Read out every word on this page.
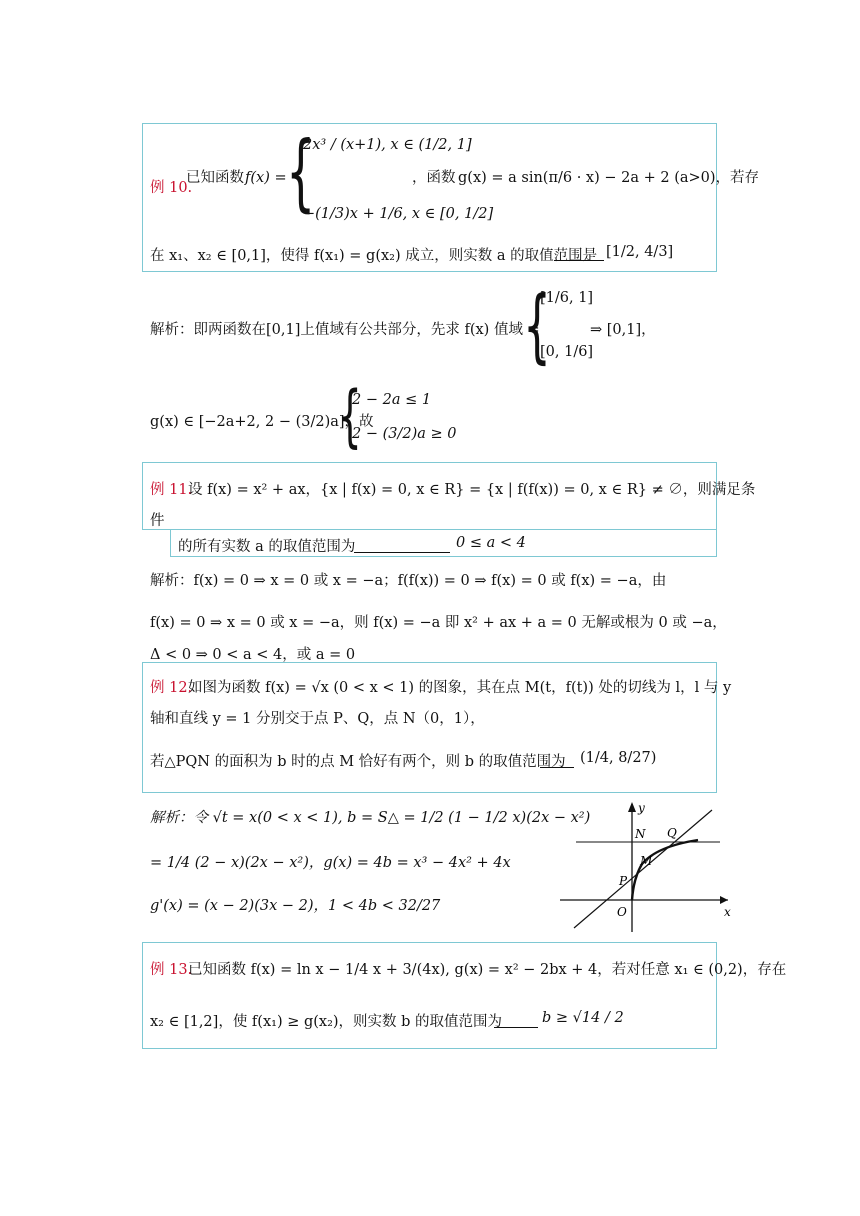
例 10.
已知函数 f(x) = {
2x³ / (x+1), x ∈ (1/2, 1]
−(1/3)x + 1/6, x ∈ [0, 1/2]
，函数 g(x) = a sin(π/6 · x) − 2a + 2 (a>0)，若存
在 x₁、x₂ ∈ [0,1]，使得 f(x₁) = g(x₂) 成立，则实数 a 的取值范围是 [1/2, 4/3]
解析：即两函数在[0,1]上值域有公共部分，先求 f(x) 值域 =
{
[1/6, 1]
[0, 1/6]
⇒ [0,1]，
g(x) ∈ [−2a+2, 2 − (3/2)a]，故
{
2 − 2a ≤ 1
2 − (3/2)a ≥ 0
例 11.
设 f(x) = x² + ax，{x | f(x) = 0, x ∈ R} = {x | f(f(x)) = 0, x ∈ R} ≠ ∅，则满足条
件
的所有实数 a 的取值范围为	0 ≤ a < 4
解析：f(x) = 0 ⇒ x = 0 或 x = −a；f(f(x)) = 0 ⇒ f(x) = 0 或 f(x) = −a，由
f(x) = 0 ⇒ x = 0 或 x = −a，则 f(x) = −a 即 x² + ax + a = 0 无解或根为 0 或 −a，
Δ < 0 ⇒ 0 < a < 4，或 a = 0
例 12.
如图为函数 f(x) = √x (0 < x < 1) 的图象，其在点 M(t，f(t)) 处的切线为 l，l 与 y
轴和直线 y = 1 分别交于点 P、Q，点 N（0，1），
若△PQN 的面积为 b 时的点 M 恰好有两个，则 b 的取值范围为 (1/4, 8/27)
解析：令 √t = x(0 < x < 1), b = S△ = 1/2 (1 − 1/2 x)(2x − x²)
= 1/4 (2 − x)(2x − x²)，g(x) = 4b = x³ − 4x² + 4x
g'(x) = (x − 2)(3x − 2)，1 < 4b < 32/27
y
x
O
N Q
M
P
例 13.
已知函数 f(x) = ln x − 1/4 x + 3/(4x), g(x) = x² − 2bx + 4，若对任意 x₁ ∈ (0,2)，存在
x₂ ∈ [1,2]，使 f(x₁) ≥ g(x₂)，则实数 b 的取值范围为	b ≥ √14 / 2
